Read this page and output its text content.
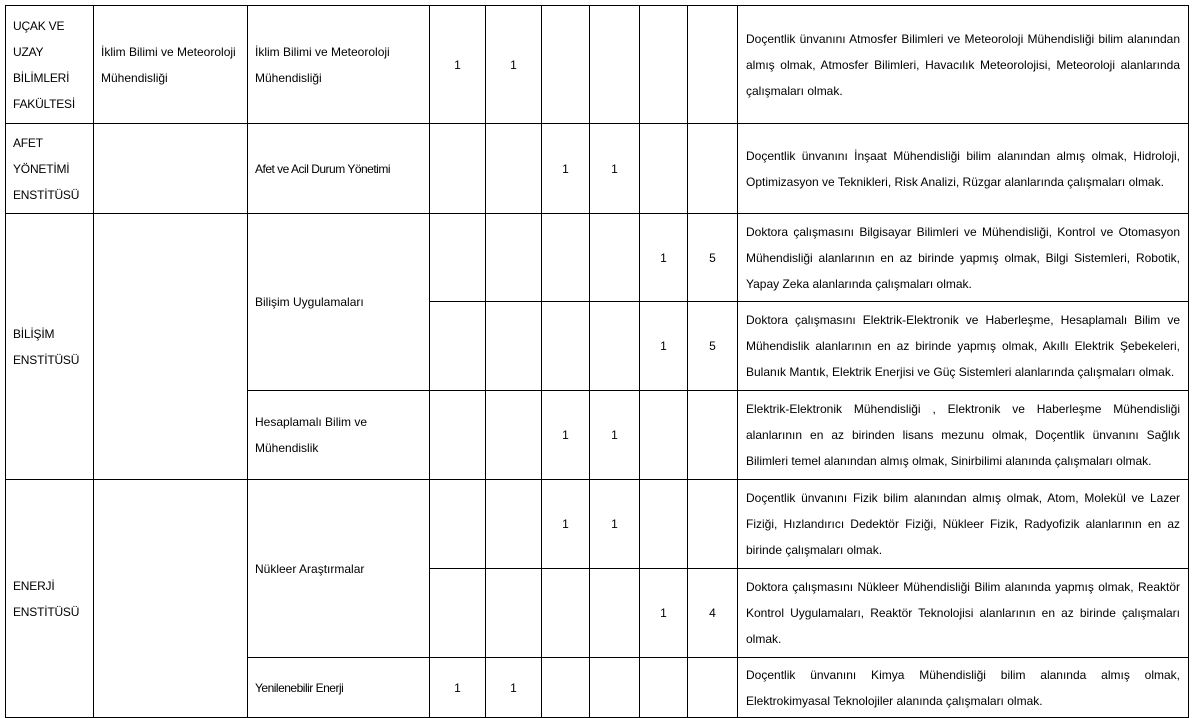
UÇAK VE UZAY BİLİMLERİ FAKÜLTESİ	İklim Bilimi ve Meteoroloji Mühendisliği	İklim Bilimi ve Meteoroloji Mühendisliği	1	1					Doçentlik ünvanını Atmosfer Bilimleri ve Meteoroloji Mühendisliği bilim alanından almış olmak, Atmosfer Bilimleri, Havacılık Meteorolojisi, Meteoroloji alanlarında çalışmaları olmak.
AFET YÖNETİMİ ENSTİTÜSÜ		Afet ve Acil Durum Yönetimi			1	1			Doçentlik ünvanını İnşaat Mühendisliği bilim alanından almış olmak, Hidroloji, Optimizasyon ve Teknikleri, Risk Analizi, Rüzgar alanlarında çalışmaları olmak.
BİLİŞİM ENSTİTÜSÜ		Bilişim Uygulamaları					1	5	Doktora çalışmasını Bilgisayar Bilimleri ve Mühendisliği, Kontrol ve Otomasyon Mühendisliği alanlarının en az birinde yapmış olmak, Bilgi Sistemleri, Robotik, Yapay Zeka alanlarında çalışmaları olmak.
							1	5	Doktora çalışmasını Elektrik-Elektronik ve Haberleşme, Hesaplamalı Bilim ve Mühendislik alanlarının en az birinde yapmış olmak, Akıllı Elektrik Şebekeleri, Bulanık Mantık, Elektrik Enerjisi ve Güç Sistemleri alanlarında çalışmaları olmak.
		Hesaplamalı Bilim ve Mühendislik			1	1			Elektrik-Elektronik Mühendisliği , Elektronik ve Haberleşme Mühendisliği alanlarının en az birinden lisans mezunu olmak, Doçentlik ünvanını Sağlık Bilimleri temel alanından almış olmak, Sinirbilimi alanında çalışmaları olmak.
ENERJİ ENSTİTÜSÜ		Nükleer Araştırmalar			1	1			Doçentlik ünvanını Fizik bilim alanından almış olmak, Atom, Molekül ve Lazer Fiziği, Hızlandırıcı Dedektör Fiziği, Nükleer Fizik, Radyofizik alanlarının en az birinde çalışmaları olmak.
							1	4	Doktora çalışmasını Nükleer Mühendisliği Bilim alanında yapmış olmak, Reaktör Kontrol Uygulamaları, Reaktör Teknolojisi alanlarının en az birinde çalışmaları olmak.
		Yenilenebilir Enerji	1	1					Doçentlik ünvanını Kimya Mühendisliği bilim alanında almış olmak, Elektrokimyasal Teknolojiler alanında çalışmaları olmak.
